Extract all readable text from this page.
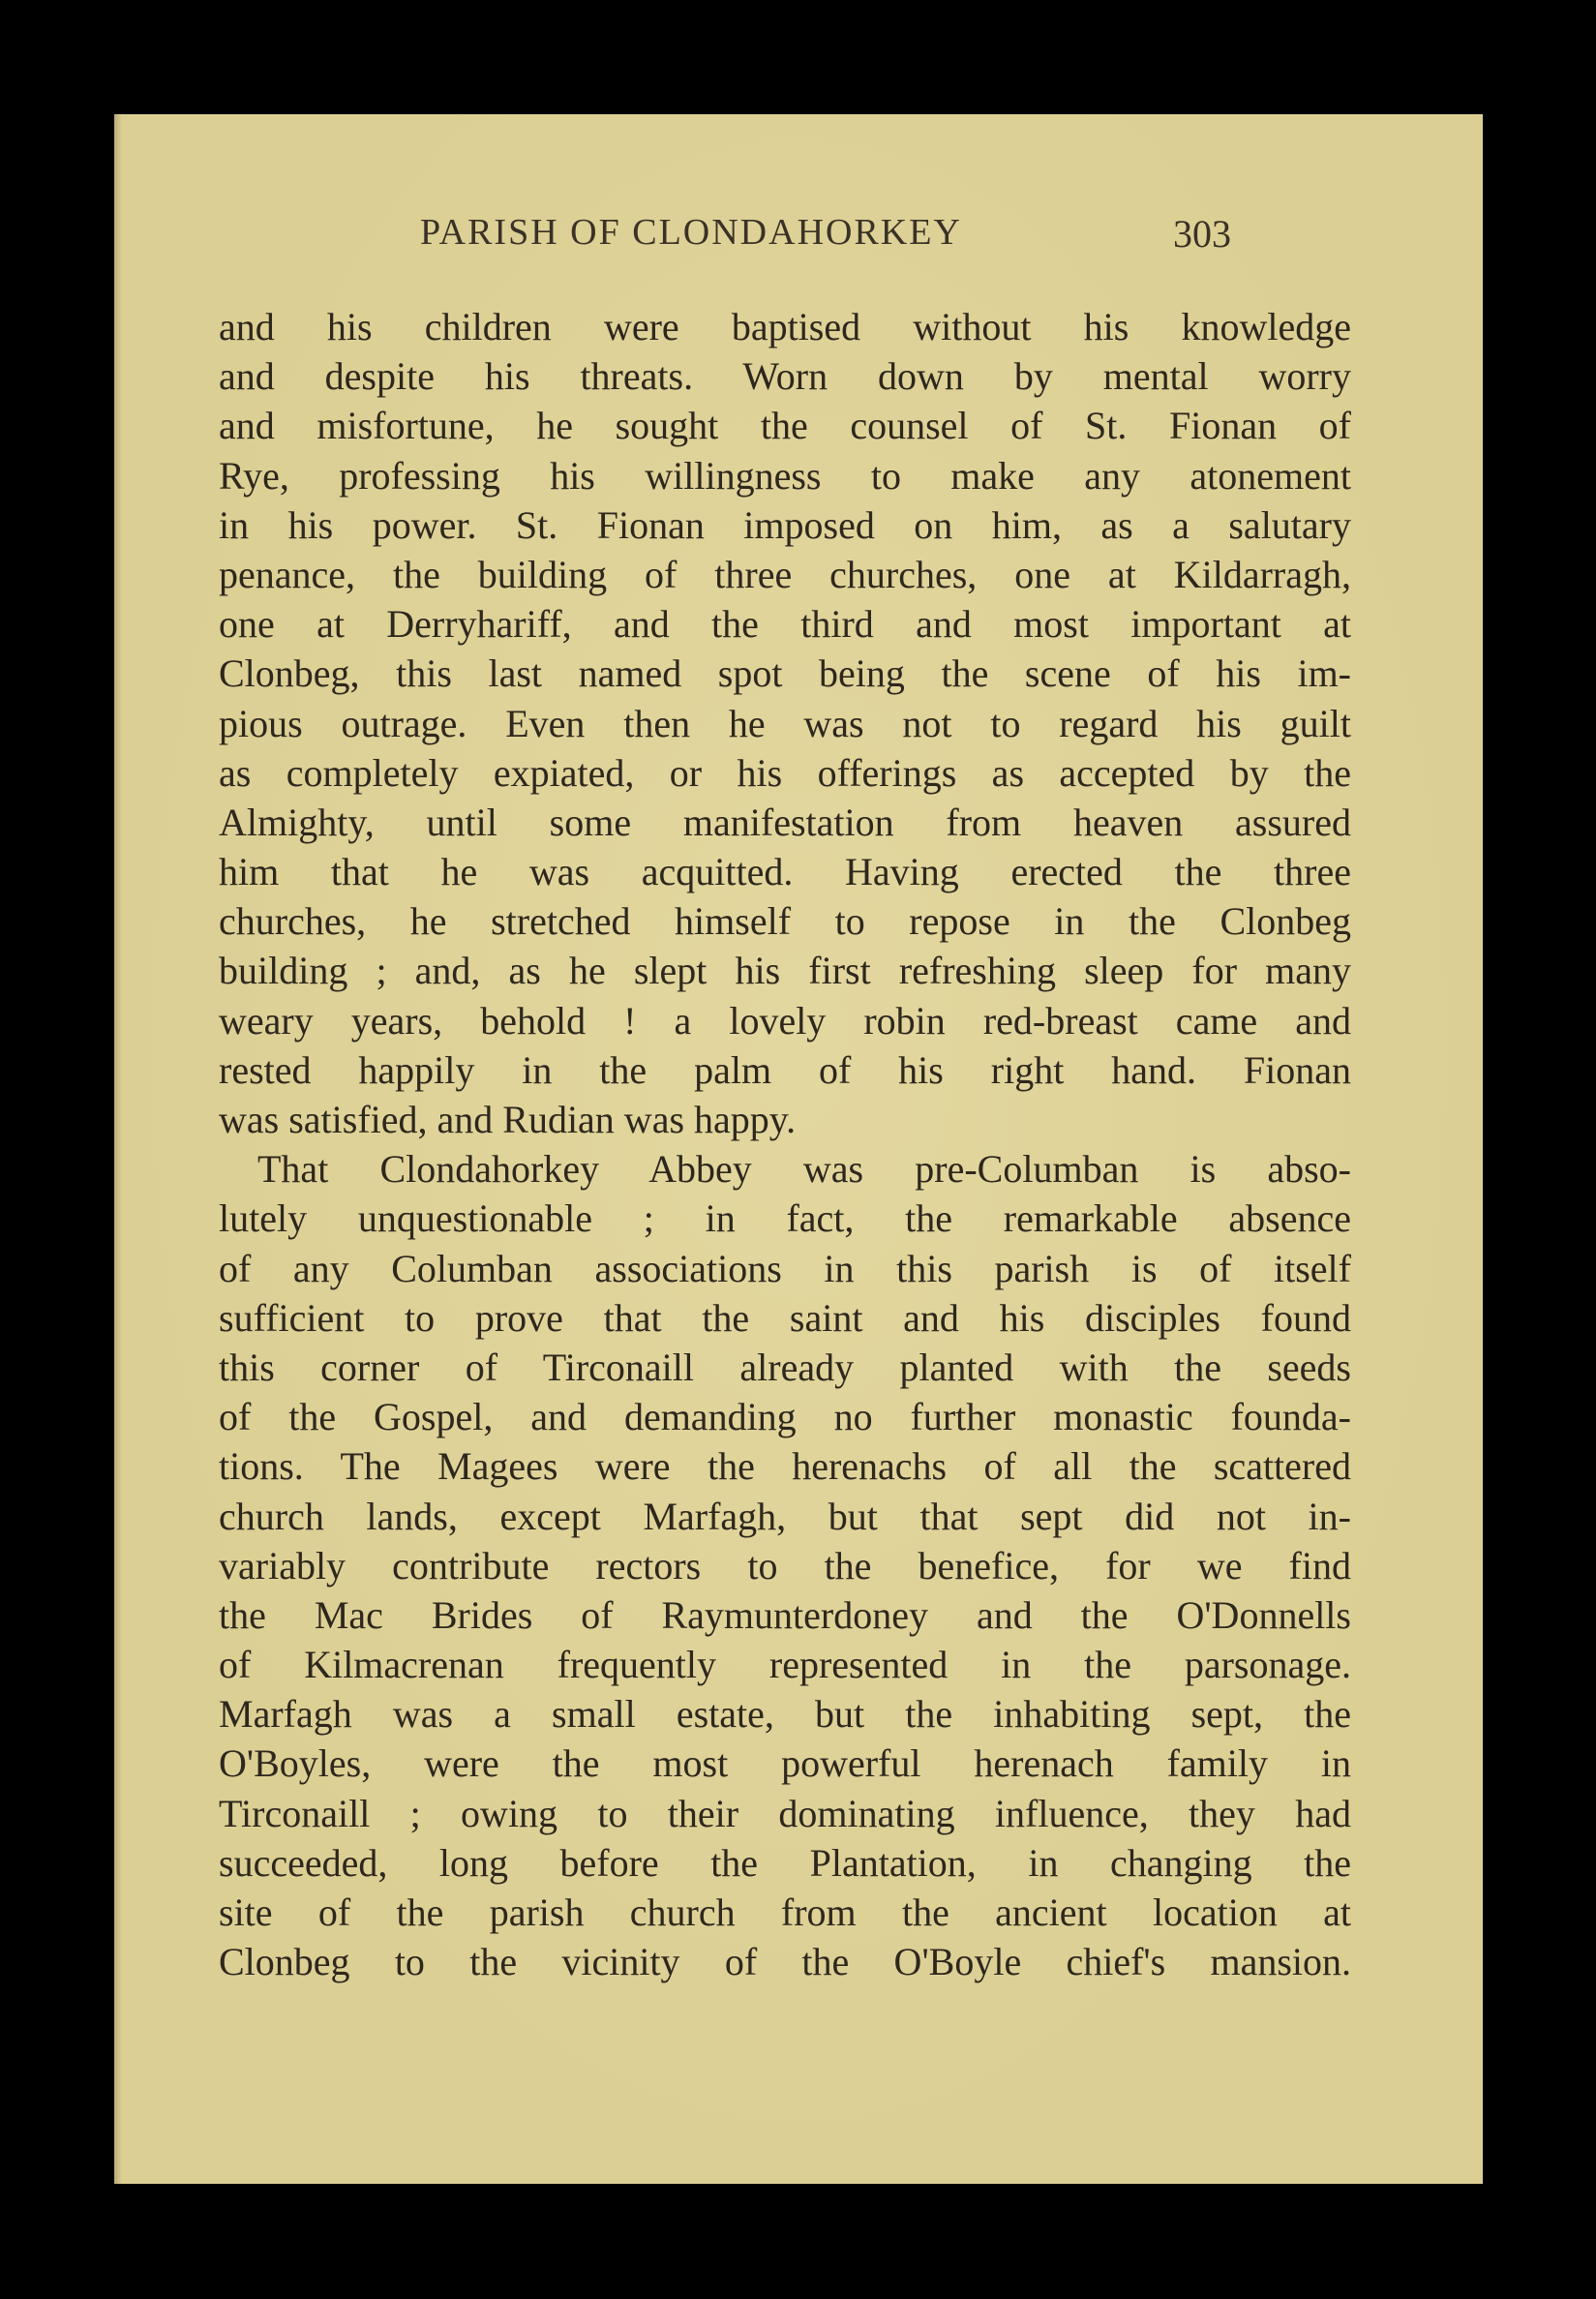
PARISH OF CLONDAHORKEY	303
and his children were baptised without his knowledge
and despite his threats. Worn down by mental worry
and misfortune, he sought the counsel of St. Fionan of
Rye, professing his willingness to make any atonement
in his power. St. Fionan imposed on him, as a salutary
penance, the building of three churches, one at Kildarragh,
one at Derryhariff, and the third and most important at
Clonbeg, this last named spot being the scene of his im-
pious outrage. Even then he was not to regard his guilt
as completely expiated, or his offerings as accepted by the
Almighty, until some manifestation from heaven assured
him that he was acquitted. Having erected the three
churches, he stretched himself to repose in the Clonbeg
building ; and, as he slept his first refreshing sleep for many
weary years, behold ! a lovely robin red-breast came and
rested happily in the palm of his right hand. Fionan
was satisfied, and Rudian was happy.
That Clondahorkey Abbey was pre-Columban is abso-
lutely unquestionable ; in fact, the remarkable absence
of any Columban associations in this parish is of itself
sufficient to prove that the saint and his disciples found
this corner of Tirconaill already planted with the seeds
of the Gospel, and demanding no further monastic founda-
tions. The Magees were the herenachs of all the scattered
church lands, except Marfagh, but that sept did not in-
variably contribute rectors to the benefice, for we find
the Mac Brides of Raymunterdoney and the O'Donnells
of Kilmacrenan frequently represented in the parsonage.
Marfagh was a small estate, but the inhabiting sept, the
O'Boyles, were the most powerful herenach family in
Tirconaill ; owing to their dominating influence, they had
succeeded, long before the Plantation, in changing the
site of the parish church from the ancient location at
Clonbeg to the vicinity of the O'Boyle chief's mansion.
